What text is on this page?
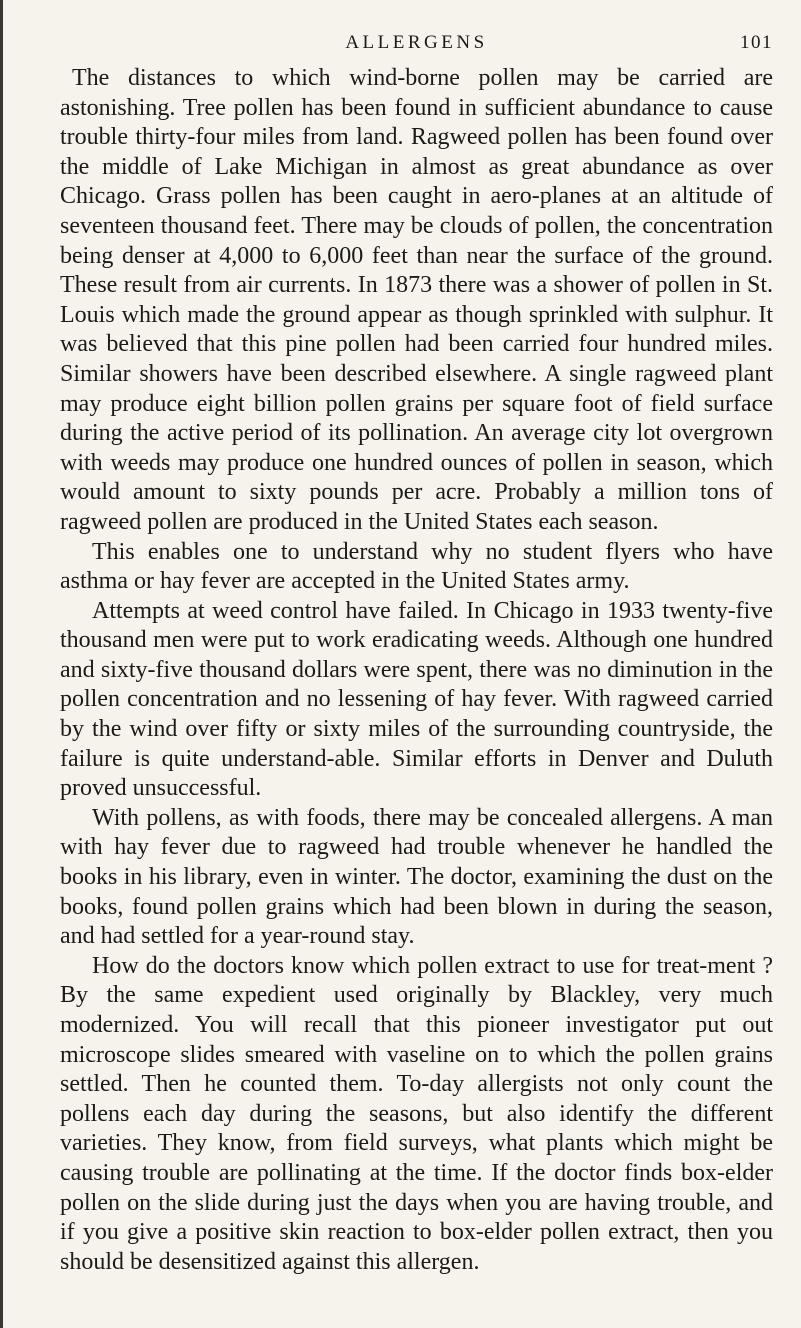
ALLERGENS	101

The distances to which wind-borne pollen may be carried are astonishing. Tree pollen has been found in sufficient abundance to cause trouble thirty-four miles from land. Ragweed pollen has been found over the middle of Lake Michigan in almost as great abundance as over Chicago. Grass pollen has been caught in aero-planes at an altitude of seventeen thousand feet. There may be clouds of pollen, the concentration being denser at 4,000 to 6,000 feet than near the surface of the ground. These result from air currents. In 1873 there was a shower of pollen in St. Louis which made the ground appear as though sprinkled with sulphur. It was believed that this pine pollen had been carried four hundred miles. Similar showers have been described elsewhere. A single ragweed plant may produce eight billion pollen grains per square foot of field surface during the active period of its pollination. An average city lot overgrown with weeds may produce one hundred ounces of pollen in season, which would amount to sixty pounds per acre. Probably a million tons of ragweed pollen are produced in the United States each season.

This enables one to understand why no student flyers who have asthma or hay fever are accepted in the United States army.

Attempts at weed control have failed. In Chicago in 1933 twenty-five thousand men were put to work eradicating weeds. Although one hundred and sixty-five thousand dollars were spent, there was no diminution in the pollen concentration and no lessening of hay fever. With ragweed carried by the wind over fifty or sixty miles of the surrounding countryside, the failure is quite understand-able. Similar efforts in Denver and Duluth proved unsuccessful.

With pollens, as with foods, there may be concealed allergens. A man with hay fever due to ragweed had trouble whenever he handled the books in his library, even in winter. The doctor, examining the dust on the books, found pollen grains which had been blown in during the season, and had settled for a year-round stay.

How do the doctors know which pollen extract to use for treat-ment ? By the same expedient used originally by Blackley, very much modernized. You will recall that this pioneer investigator put out microscope slides smeared with vaseline on to which the pollen grains settled. Then he counted them. To-day allergists not only count the pollens each day during the seasons, but also identify the different varieties. They know, from field surveys, what plants which might be causing trouble are pollinating at the time. If the doctor finds box-elder pollen on the slide during just the days when you are having trouble, and if you give a positive skin reaction to box-elder pollen extract, then you should be desensitized against this allergen.
